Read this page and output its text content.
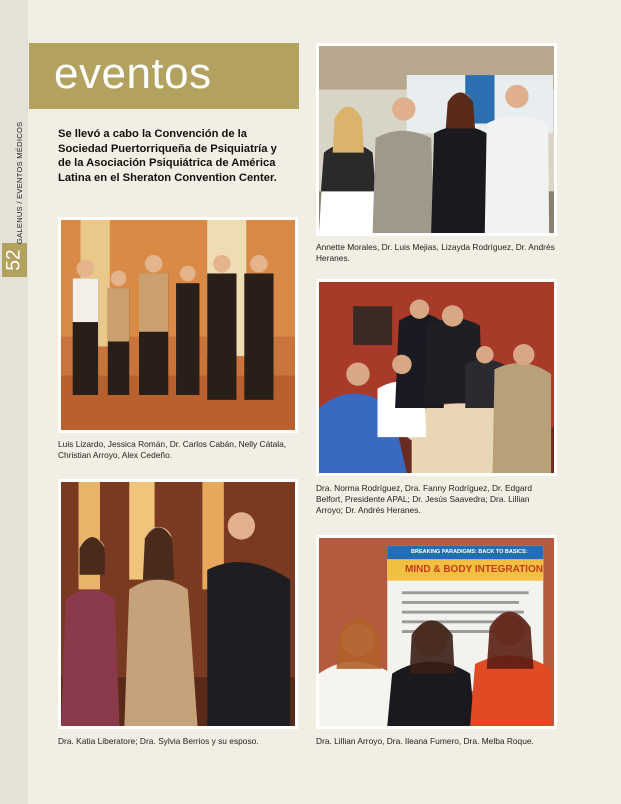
52
GALENUS / EVENTOS MÉDICOS
eventos
Se llevó a cabo la Convención de la Sociedad Puertorriqueña de Psiquiatría y de la Asociación Psiquiátrica de América Latina en el Sheraton Convention Center.
Luis Lizardo, Jessica Román, Dr. Carlos Cabán, Nelly Cátala, Christian Arroyo, Alex Cedeño.
Dra. Katia Liberatore; Dra. Sylvia Berrios y su esposo.
Annette Morales, Dr. Luis Mejias, Lizayda Rodríguez, Dr. Andrés Heranes.
Dra. Norma Rodríguez, Dra. Fanny Rodríguez, Dr. Edgard Belfort, Presidente APAL; Dr. Jesús Saavedra; Dra. Lillian Arroyo; Dr. Andrés Heranes.
BREAKING PARADIGMS: BACK TO BASICS:
MIND & BODY INTEGRATION
Dra. Lillian Arroyo, Dra. Ileana Fumero, Dra. Melba Roque.
